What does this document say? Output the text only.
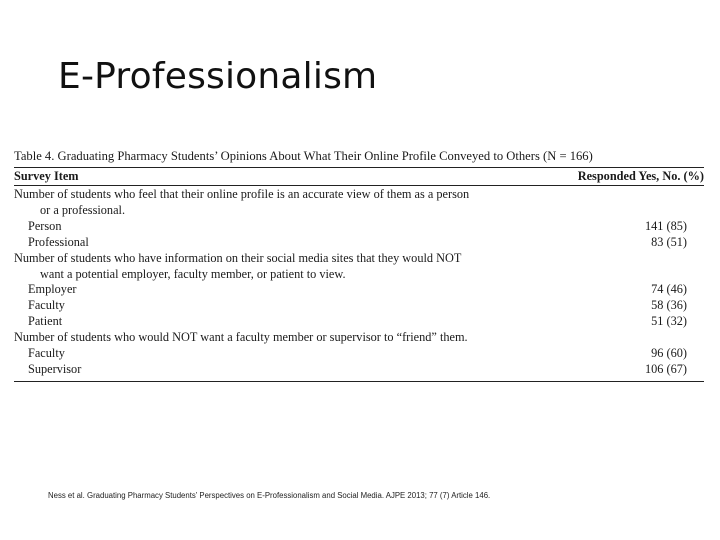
E-Professionalism
Table 4. Graduating Pharmacy Students’ Opinions About What Their Online Profile Conveyed to Others (N = 166)
Survey Item	Responded Yes, No. (%)
Number of students who feel that their online profile is an accurate view of them as a person
or a professional.
Person	141 (85)
Professional	83 (51)
Number of students who have information on their social media sites that they would NOT
want a potential employer, faculty member, or patient to view.
Employer	74 (46)
Faculty	58 (36)
Patient	51 (32)
Number of students who would NOT want a faculty member or supervisor to “friend” them.
Faculty	96 (60)
Supervisor	106 (67)
Ness et al. Graduating Pharmacy Students’ Perspectives on E-Professionalism and Social Media. AJPE 2013; 77 (7) Article 146.
